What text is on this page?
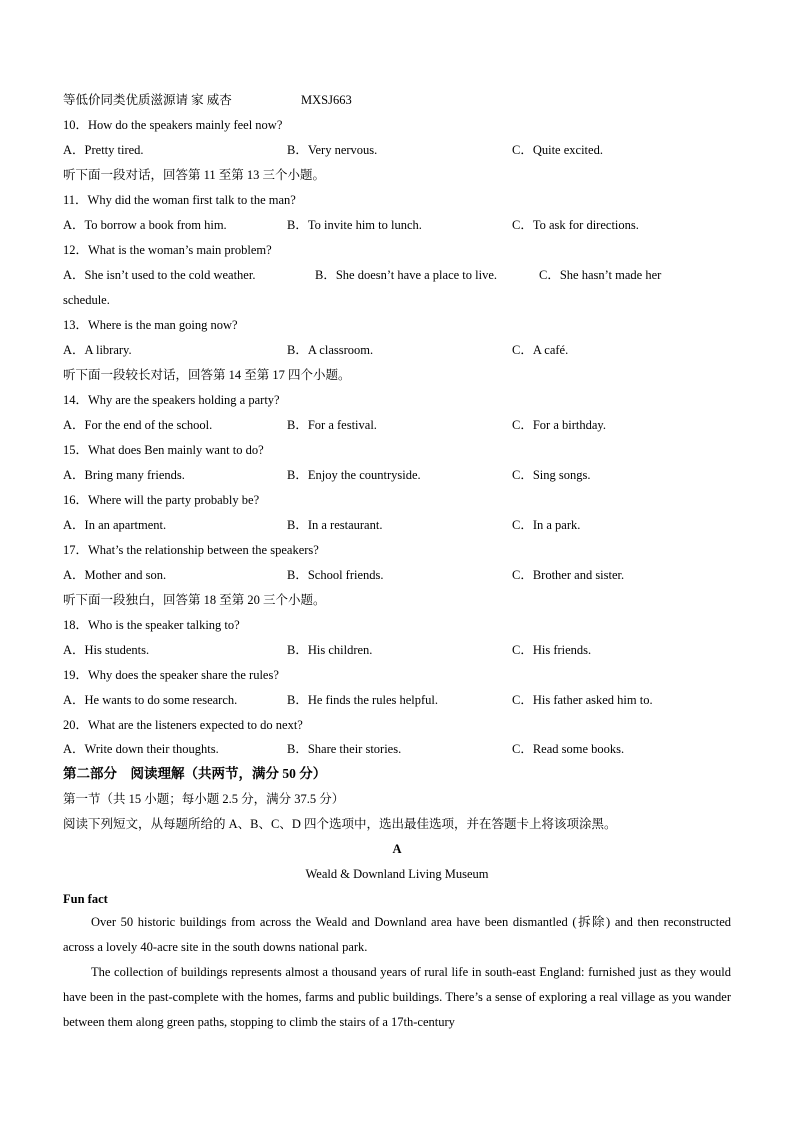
等低价同类优质滋源请 家 威杏	MXSJ663
10．How do the speakers mainly feel now?
A．Pretty tired.	B．Very nervous.	C．Quite excited.
听下面一段对话，回答第 11 至第 13 三个小题。
11．Why did the woman first talk to the man?
A．To borrow a book from him.	B．To invite him to lunch.	C．To ask for directions.
12．What is the woman’s main problem?
A．She isn’t used to the cold weather.	B．She doesn’t have a place to live.	C．She hasn’t made her
schedule.
13．Where is the man going now?
A．A library.	B．A classroom.	C．A café.
听下面一段较长对话，回答第 14 至第 17 四个小题。
14．Why are the speakers holding a party?
A．For the end of the school.	B．For a festival.	C．For a birthday.
15．What does Ben mainly want to do?
A．Bring many friends.	B．Enjoy the countryside.	C．Sing songs.
16．Where will the party probably be?
A．In an apartment.	B．In a restaurant.	C．In a park.
17．What’s the relationship between the speakers?
A．Mother and son.	B．School friends.	C．Brother and sister.
听下面一段独白，回答第 18 至第 20 三个小题。
18．Who is the speaker talking to?
A．His students.	B．His children.	C．His friends.
19．Why does the speaker share the rules?
A．He wants to do some research.	B．He finds the rules helpful.	C．His father asked him to.
20．What are the listeners expected to do next?
A．Write down their thoughts.	B．Share their stories.	C．Read some books.
第二部分　阅读理解（共两节，满分 50 分）
第一节（共 15 小题；每小题 2.5 分，满分 37.5 分）
阅读下列短文，从每题所给的 A、B、C、D 四个选项中，选出最佳选项，并在答题卡上将该项涂黑。
A
Weald & Downland Living Museum
Fun fact
Over 50 historic buildings from across the Weald and Downland area have been dismantled (拆除) and then reconstructed across a lovely 40-acre site in the south downs national park.
The collection of buildings represents almost a thousand years of rural life in south-east England: furnished just as they would have been in the past-complete with the homes, farms and public buildings. There’s a sense of exploring a real village as you wander between them along green paths, stopping to climb the stairs of a 17th-century
